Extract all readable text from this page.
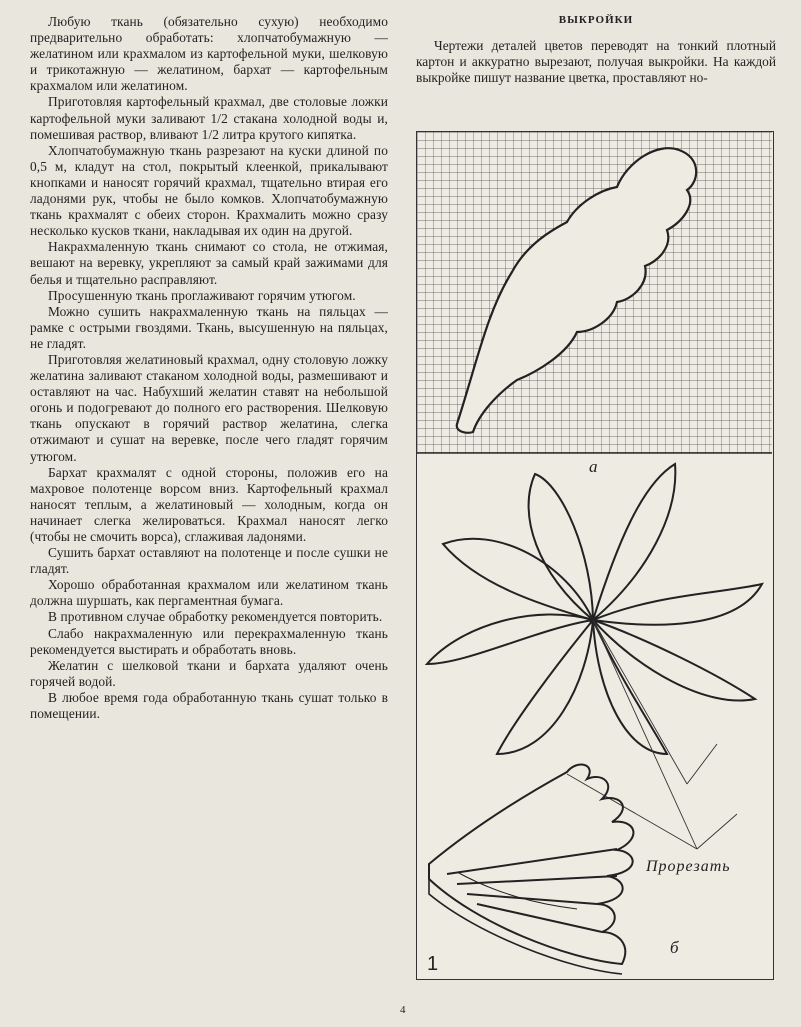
Любую ткань (обязательно сухую) необходимо предварительно обработать: хлопчатобумажную — желатином или крахмалом из картофельной муки, шелковую и трикотажную — желатином, бархат — картофельным крахмалом или желатином.

Приготовляя картофельный крахмал, две столовые ложки картофельной муки заливают 1/2 стакана холодной воды и, помешивая раствор, вливают 1/2 литра крутого кипятка.

Хлопчатобумажную ткань разрезают на куски длиной по 0,5 м, кладут на стол, покрытый клеенкой, прикалывают кнопками и наносят горячий крахмал, тщательно втирая его ладонями рук, чтобы не было комков. Хлопчатобумажную ткань крахмалят с обеих сторон. Крахмалить можно сразу несколько кусков ткани, накладывая их один на другой.

Накрахмаленную ткань снимают со стола, не отжимая, вешают на веревку, укрепляют за самый край зажимами для белья и тщательно расправляют.

Просушенную ткань проглаживают горячим утюгом.

Можно сушить накрахмаленную ткань на пяльцах — рамке с острыми гвоздями. Ткань, высушенную на пяльцах, не гладят.

Приготовляя желатиновый крахмал, одну столовую ложку желатина заливают стаканом холодной воды, размешивают и оставляют на час. Набухший желатин ставят на небольшой огонь и подогревают до полного его растворения. Шелковую ткань опускают в горячий раствор желатина, слегка отжимают и сушат на веревке, после чего гладят горячим утюгом.

Бархат крахмалят с одной стороны, положив его на махровое полотенце ворсом вниз. Картофельный крахмал наносят теплым, а желатиновый — холодным, когда он начинает слегка желироваться. Крахмал наносят легко (чтобы не смочить ворса), сглаживая ладонями.

Сушить бархат оставляют на полотенце и после сушки не гладят.

Хорошо обработанная крахмалом или желатином ткань должна шуршать, как пергаментная бумага.

В противном случае обработку рекомендуется повторить.

Слабо накрахмаленную или перекрахмаленную ткань рекомендуется выстирать и обработать вновь.

Желатин с шелковой ткани и бархата удаляют очень горячей водой.

В любое время года обработанную ткань сушат только в помещении.

ВЫКРОЙКИ

Чертежи деталей цветов переводят на тонкий плотный картон и аккуратно вырезают, получая выкройки. На каждой выкройке пишут название цветка, проставляют но-

а
Прорезать
б
1
4
